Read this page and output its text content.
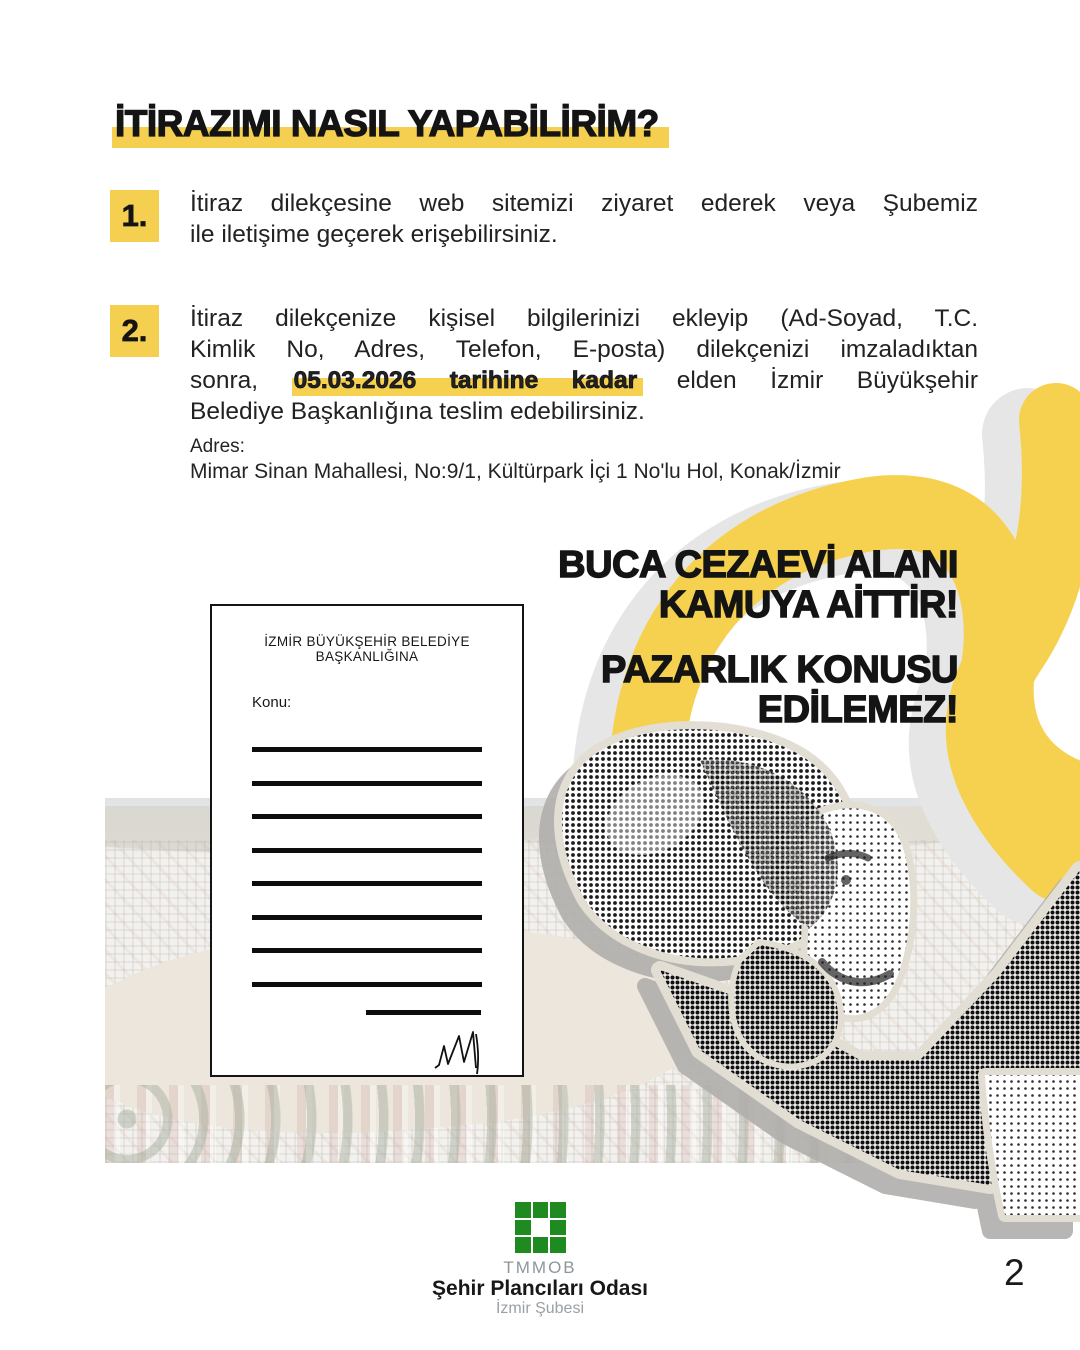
İTİRAZIMI NASIL YAPABİLİRİM?
1.	İtiraz dilekçesine web sitemizi ziyaret ederek veya Şubemiz
ile iletişime geçerek erişebilirsiniz.
2.	İtiraz dilekçenize kişisel bilgilerinizi ekleyip (Ad-Soyad, T.C.
Kimlik No, Adres, Telefon, E-posta) dilekçenizi imzaladıktan
sonra, 05.03.2026 tarihine kadar elden İzmir Büyükşehir
Belediye Başkanlığına teslim edebilirsiniz.
Adres:
Mimar Sinan Mahallesi, No:9/1, Kültürpark İçi 1 No'lu Hol, Konak/İzmir

BUCA CEZAEVİ ALANI
KAMUYA AİTTİR!

PAZARLIK KONUSU
EDİLEMEZ!

İZMİR BÜYÜKŞEHİR BELEDİYE BAŞKANLIĞINA
Konu:
TMMOB
Şehir Plancıları Odası
İzmir Şubesi
2
